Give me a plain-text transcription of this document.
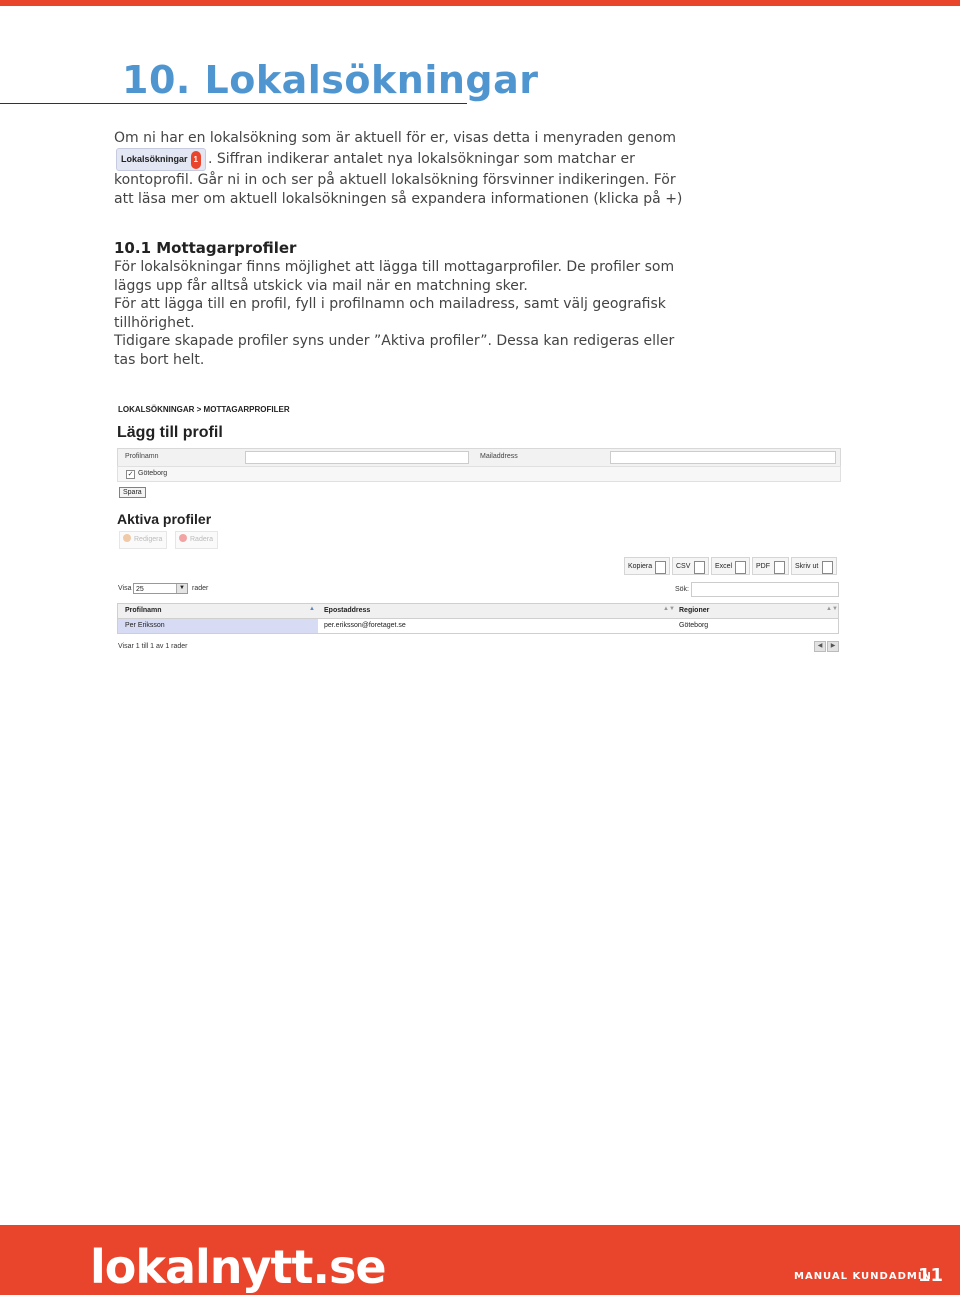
10. Lokalsökningar
Om ni har en lokalsökning som är aktuell för er, visas detta i menyraden genom Lokalsökningar 1 . Siffran indikerar antalet nya lokalsökningar som matchar er kontoprofil. Går ni in och ser på aktuell lokalsökning försvinner indikeringen. För att läsa mer om aktuell lokalsökningen så expandera informationen (klicka på +)
10.1 Mottagarprofiler
För lokalsökningar finns möjlighet att lägga till mottagarprofiler. De profiler som läggs upp får alltså utskick via mail när en matchning sker.
För att lägga till en profil, fyll i profilnamn och mailadress, samt välj geografisk tillhörighet.
Tidigare skapade profiler syns under ”Aktiva profiler”. Dessa kan redigeras eller tas bort helt.
LOKALSÖKNINGAR > MOTTAGARPROFILER
Lägg till profil
Profilnamn	Mailaddress
✓ Göteborg
Spara
Aktiva profiler
Redigera	Radera
Kopiera	CSV	Excel	PDF	Skriv ut
Visa 25	▼ rader	Sök:
Profilnamn	▲ Epostaddress	▲▼ Regioner	▲▼
Per Eriksson	per.eriksson@foretaget.se	Göteborg
Visar 1 till 1 av 1 rader	◀	▶
lokalnytt.se	MANUAL KUNDADMIN
11
